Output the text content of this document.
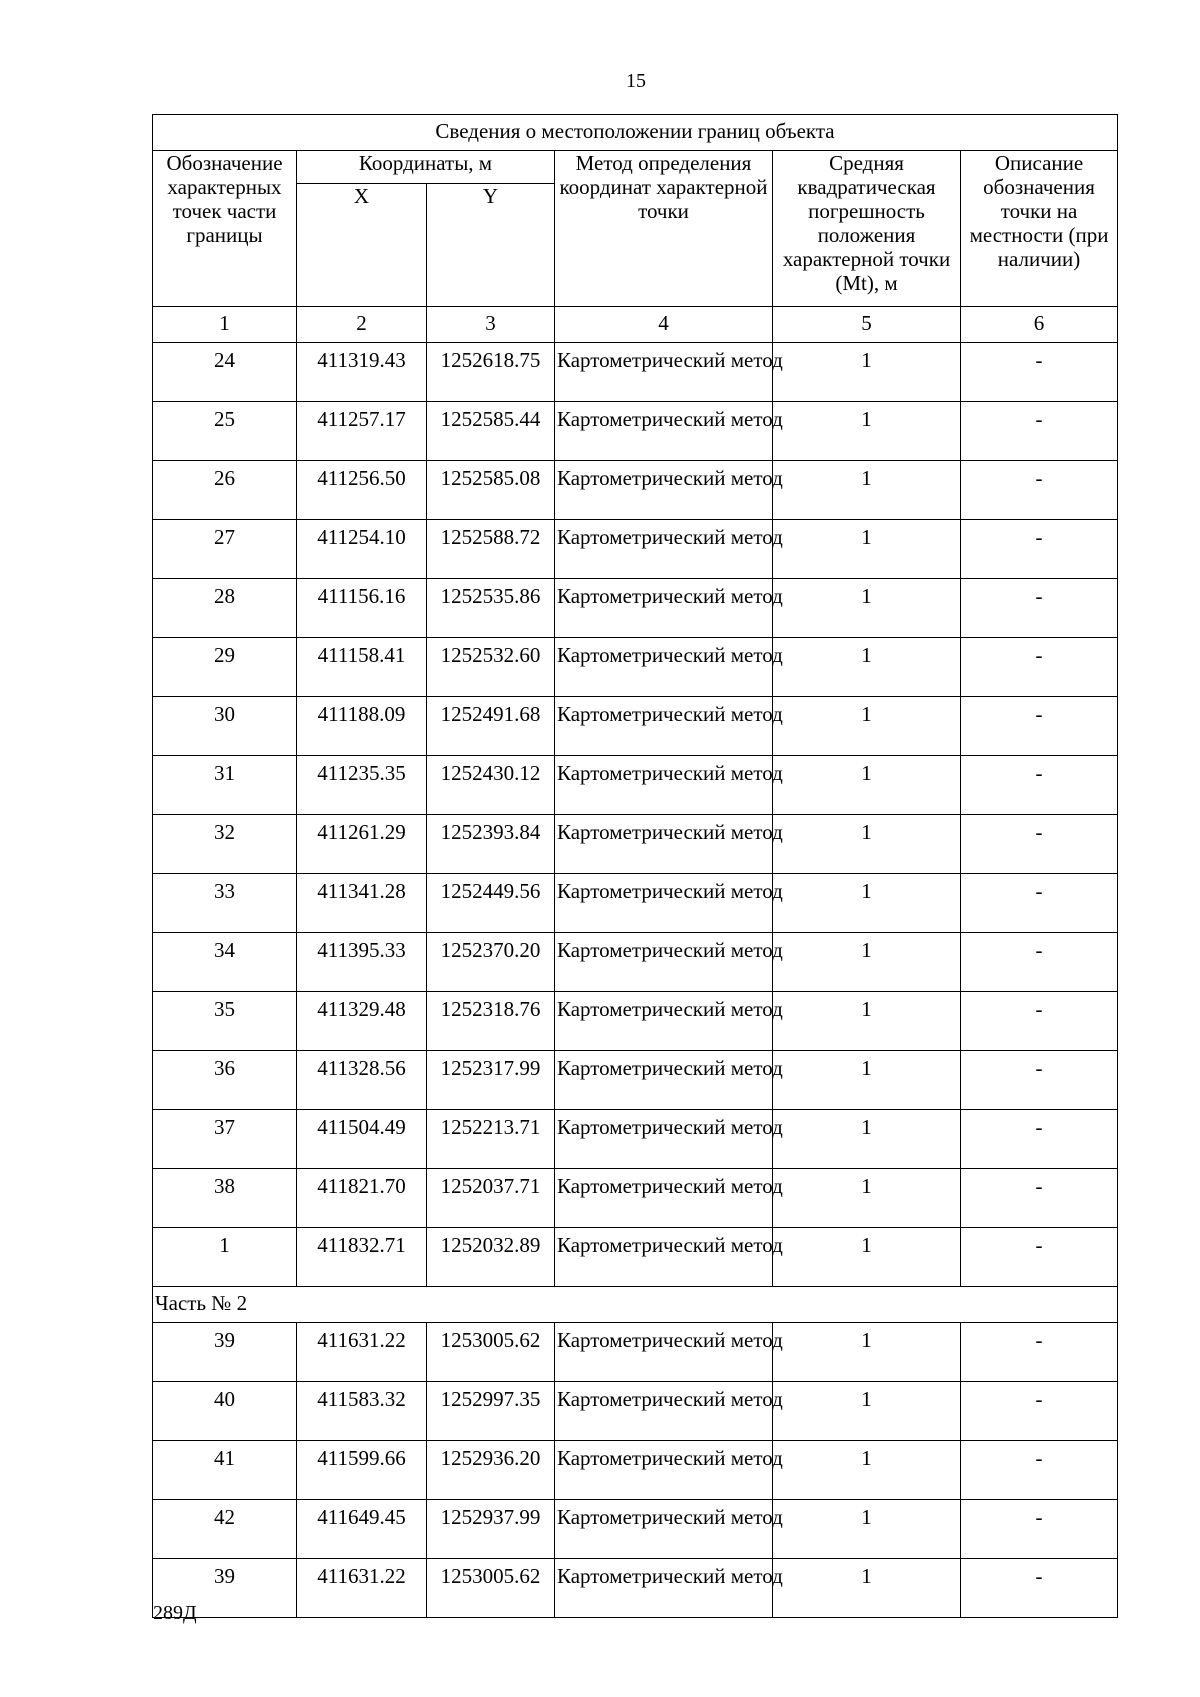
15
Сведения о местоположении границ объекта					
Обозначение характерных точек части границы	Координаты, м		Метод определения координат характерной точки	Средняя квадратическая погрешность положения характерной точки (Mt), м	Описание обозначения точки на местности (при наличии)
	X	Y			
1	2	3	4	5	6
24	411319.43	1252618.75	Картометрический метод	1	-
25	411257.17	1252585.44	Картометрический метод	1	-
26	411256.50	1252585.08	Картометрический метод	1	-
27	411254.10	1252588.72	Картометрический метод	1	-
28	411156.16	1252535.86	Картометрический метод	1	-
29	411158.41	1252532.60	Картометрический метод	1	-
30	411188.09	1252491.68	Картометрический метод	1	-
31	411235.35	1252430.12	Картометрический метод	1	-
32	411261.29	1252393.84	Картометрический метод	1	-
33	411341.28	1252449.56	Картометрический метод	1	-
34	411395.33	1252370.20	Картометрический метод	1	-
35	411329.48	1252318.76	Картометрический метод	1	-
36	411328.56	1252317.99	Картометрический метод	1	-
37	411504.49	1252213.71	Картометрический метод	1	-
38	411821.70	1252037.71	Картометрический метод	1	-
1	411832.71	1252032.89	Картометрический метод	1	-
Часть № 2					
39	411631.22	1253005.62	Картометрический метод	1	-
40	411583.32	1252997.35	Картометрический метод	1	-
41	411599.66	1252936.20	Картометрический метод	1	-
42	411649.45	1252937.99	Картометрический метод	1	-
39	411631.22	1253005.62	Картометрический метод	1	-
289Д
